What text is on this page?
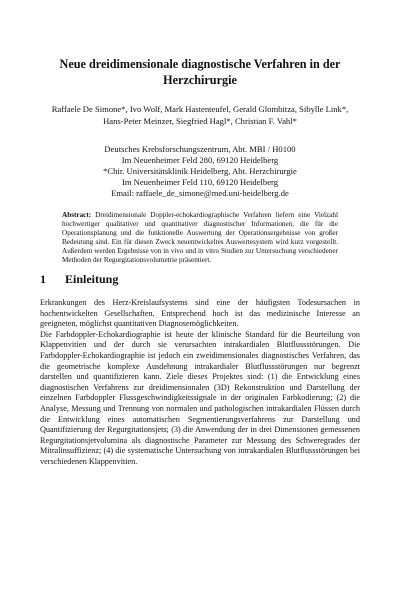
Neue dreidimensionale diagnostische Verfahren in der
Herzchirurgie
Raffaele De Simone*, Ivo Wolf, Mark Hastenteufel, Gerald Glombitza, Sibylle Link*,
Hans-Peter Meinzer, Siegfried Hagl*, Christian F. Vahl*
Deutsches Krebsforschungszentrum, Abt. MBI / H0100
Im Neuenheimer Feld 280, 69120 Heidelberg
*Chir. Universitätsklinik Heidelberg, Abt. Herzchirurgie
Im Neuenheimer Feld 110, 69120 Heidelberg
Email: raffaele_de_simone@med.uni-heidelberg.de
Abstract: Dreidimensionale Doppler-echokardiographische Verfahren liefern eine Vielzahl hochwertiger qualitativer und quantitativer diagnostischer Informationen, die für die Operationsplanung und die funktionelle Auswertung der Operationsergebnisse von großer Bedeutung sind. Ein für diesen Zweck neuentwickeltes Auswertesystem wird kurz vorgestellt. Außerdem werden Ergebnisse von in vivo und in vitro Studien zur Untersuchung verschiedener Methoden der Regurgitationsvolumetrie präsentiert.
1 Einleitung

Erkrankungen des Herz-Kreislaufsystems sind eine der häufigsten Todesursachen in hochentwickelten Gesellschaften. Entsprechend hoch ist das medizinische Interesse an geeigneten, möglichst quantitativen Diagnosemöglichkeiten.

Die Farbdoppler-Echokardiographie ist heute der klinische Standard für die Beurteilung von Klappenvitien und der durch sie verursachten intrakardialen Blutflussstörungen. Die Farbdoppler-Echokardiographie ist jedoch ein zweidimensionales diagnostisches Verfahren, das die geometrische komplexe Ausdehnung intrakardialer Blutflussstörungen nur begrenzt darstellen und quantifizieren kann. Ziele dieses Projektes sind: (1) die Entwicklung eines diagnostischen Verfahrens zur dreidimensionalen (3D) Rekonstruktion und Darstellung der einzelnen Farbdoppler Flussgeschwindigkeitssignale in der originalen Farbkodierung; (2) die Analyse, Messung und Trennung von normalen und pathologischen intrakardialen Flüssen durch die Entwicklung eines automatischen Segmentierungsverfahrens zur Darstellung und Quantifizierung der Regurgitationsjets; (3) die Anwendung der in drei Dimensionen gemessenen Regurgitationsjetvolumina als diagnostische Parameter zur Messung des Schweregrades der Mitralinsuffizienz; (4) die systematische Untersuchung von intrakardialen Blutflussstörungen bei verschiedenen Klappenvitien.
